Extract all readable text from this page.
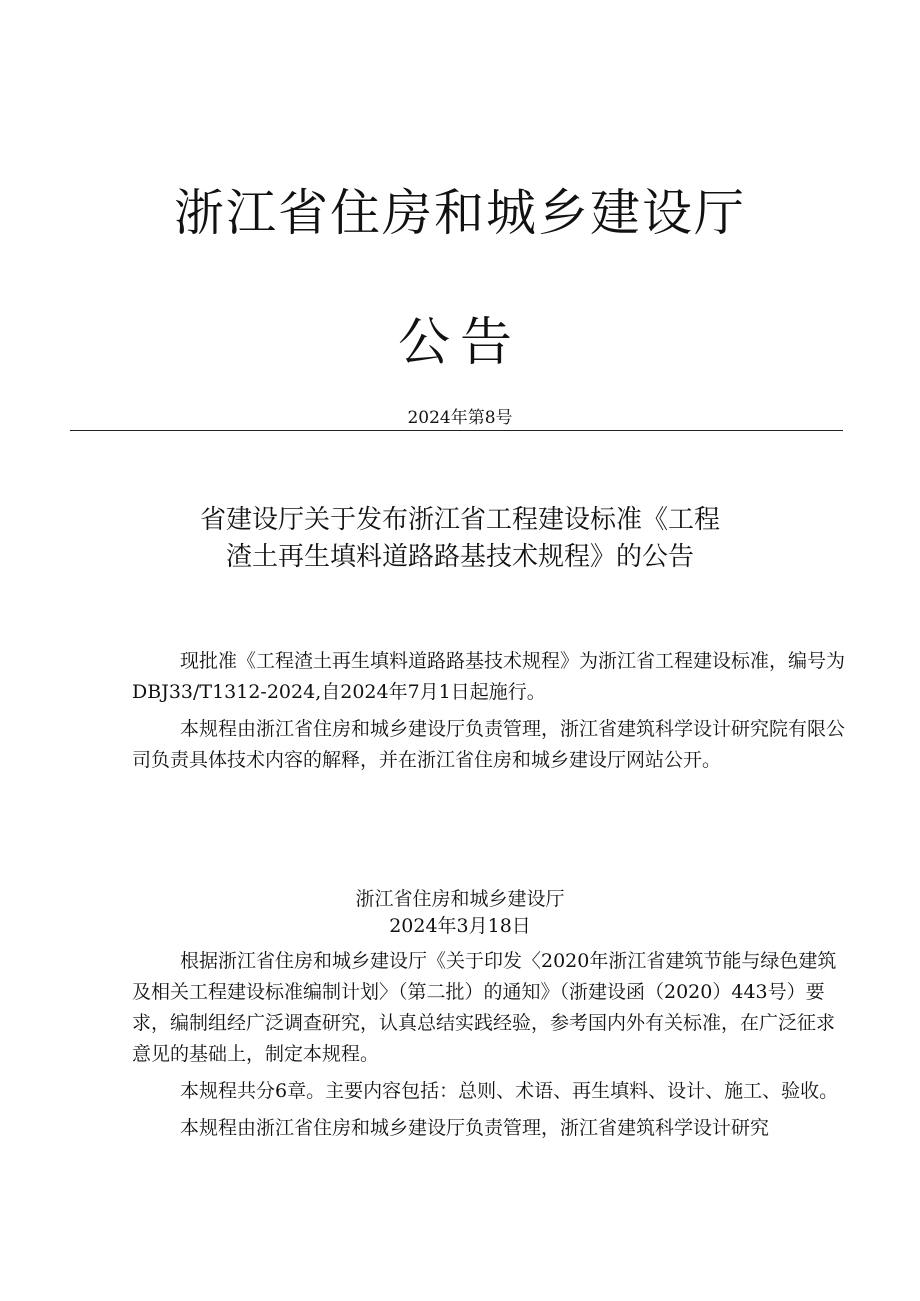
浙江省住房和城乡建设厅
公告
2024年第8号
省建设厅关于发布浙江省工程建设标准《工程
渣土再生填料道路路基技术规程》的公告

现批准《工程渣土再生填料道路路基技术规程》为浙江省工程建设标准，编号为DBJ33/T1312-2024,自2024年7月1日起施行。

本规程由浙江省住房和城乡建设厅负责管理，浙江省建筑科学设计研究院有限公司负责具体技术内容的解释，并在浙江省住房和城乡建设厅网站公开。

浙江省住房和城乡建设厅
2024年3月18日

根据浙江省住房和城乡建设厅《关于印发〈2020年浙江省建筑节能与绿色建筑及相关工程建设标准编制计划〉（第二批）的通知》（浙建设函（2020）443号）要求，编制组经广泛调查研究，认真总结实践经验，参考国内外有关标准，在广泛征求意见的基础上，制定本规程。

本规程共分6章。主要内容包括：总则、术语、再生填料、设计、施工、验收。

本规程由浙江省住房和城乡建设厅负责管理，浙江省建筑科学设计研究
